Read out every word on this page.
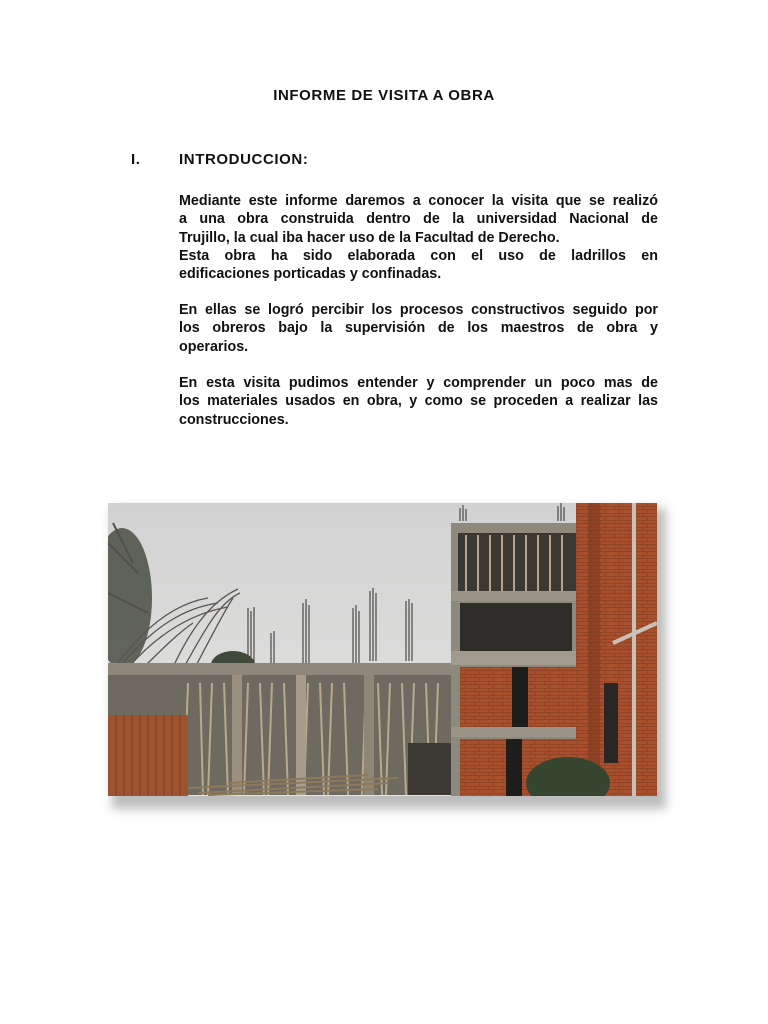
INFORME DE VISITA A OBRA
I.	INTRODUCCION:
Mediante este informe daremos a conocer la visita que se realizó
a una obra construida dentro de la universidad Nacional de
Trujillo, la cual iba hacer uso de la Facultad de Derecho.
Esta obra ha sido elaborada con el uso de ladrillos en
edificaciones porticadas y confinadas.
En ellas se logró percibir los procesos constructivos seguido por
los obreros bajo la supervisión de los maestros de obra y
operarios.
En esta visita pudimos entender y comprender un poco mas de
los materiales usados en obra, y como se proceden a realizar las
construcciones.
